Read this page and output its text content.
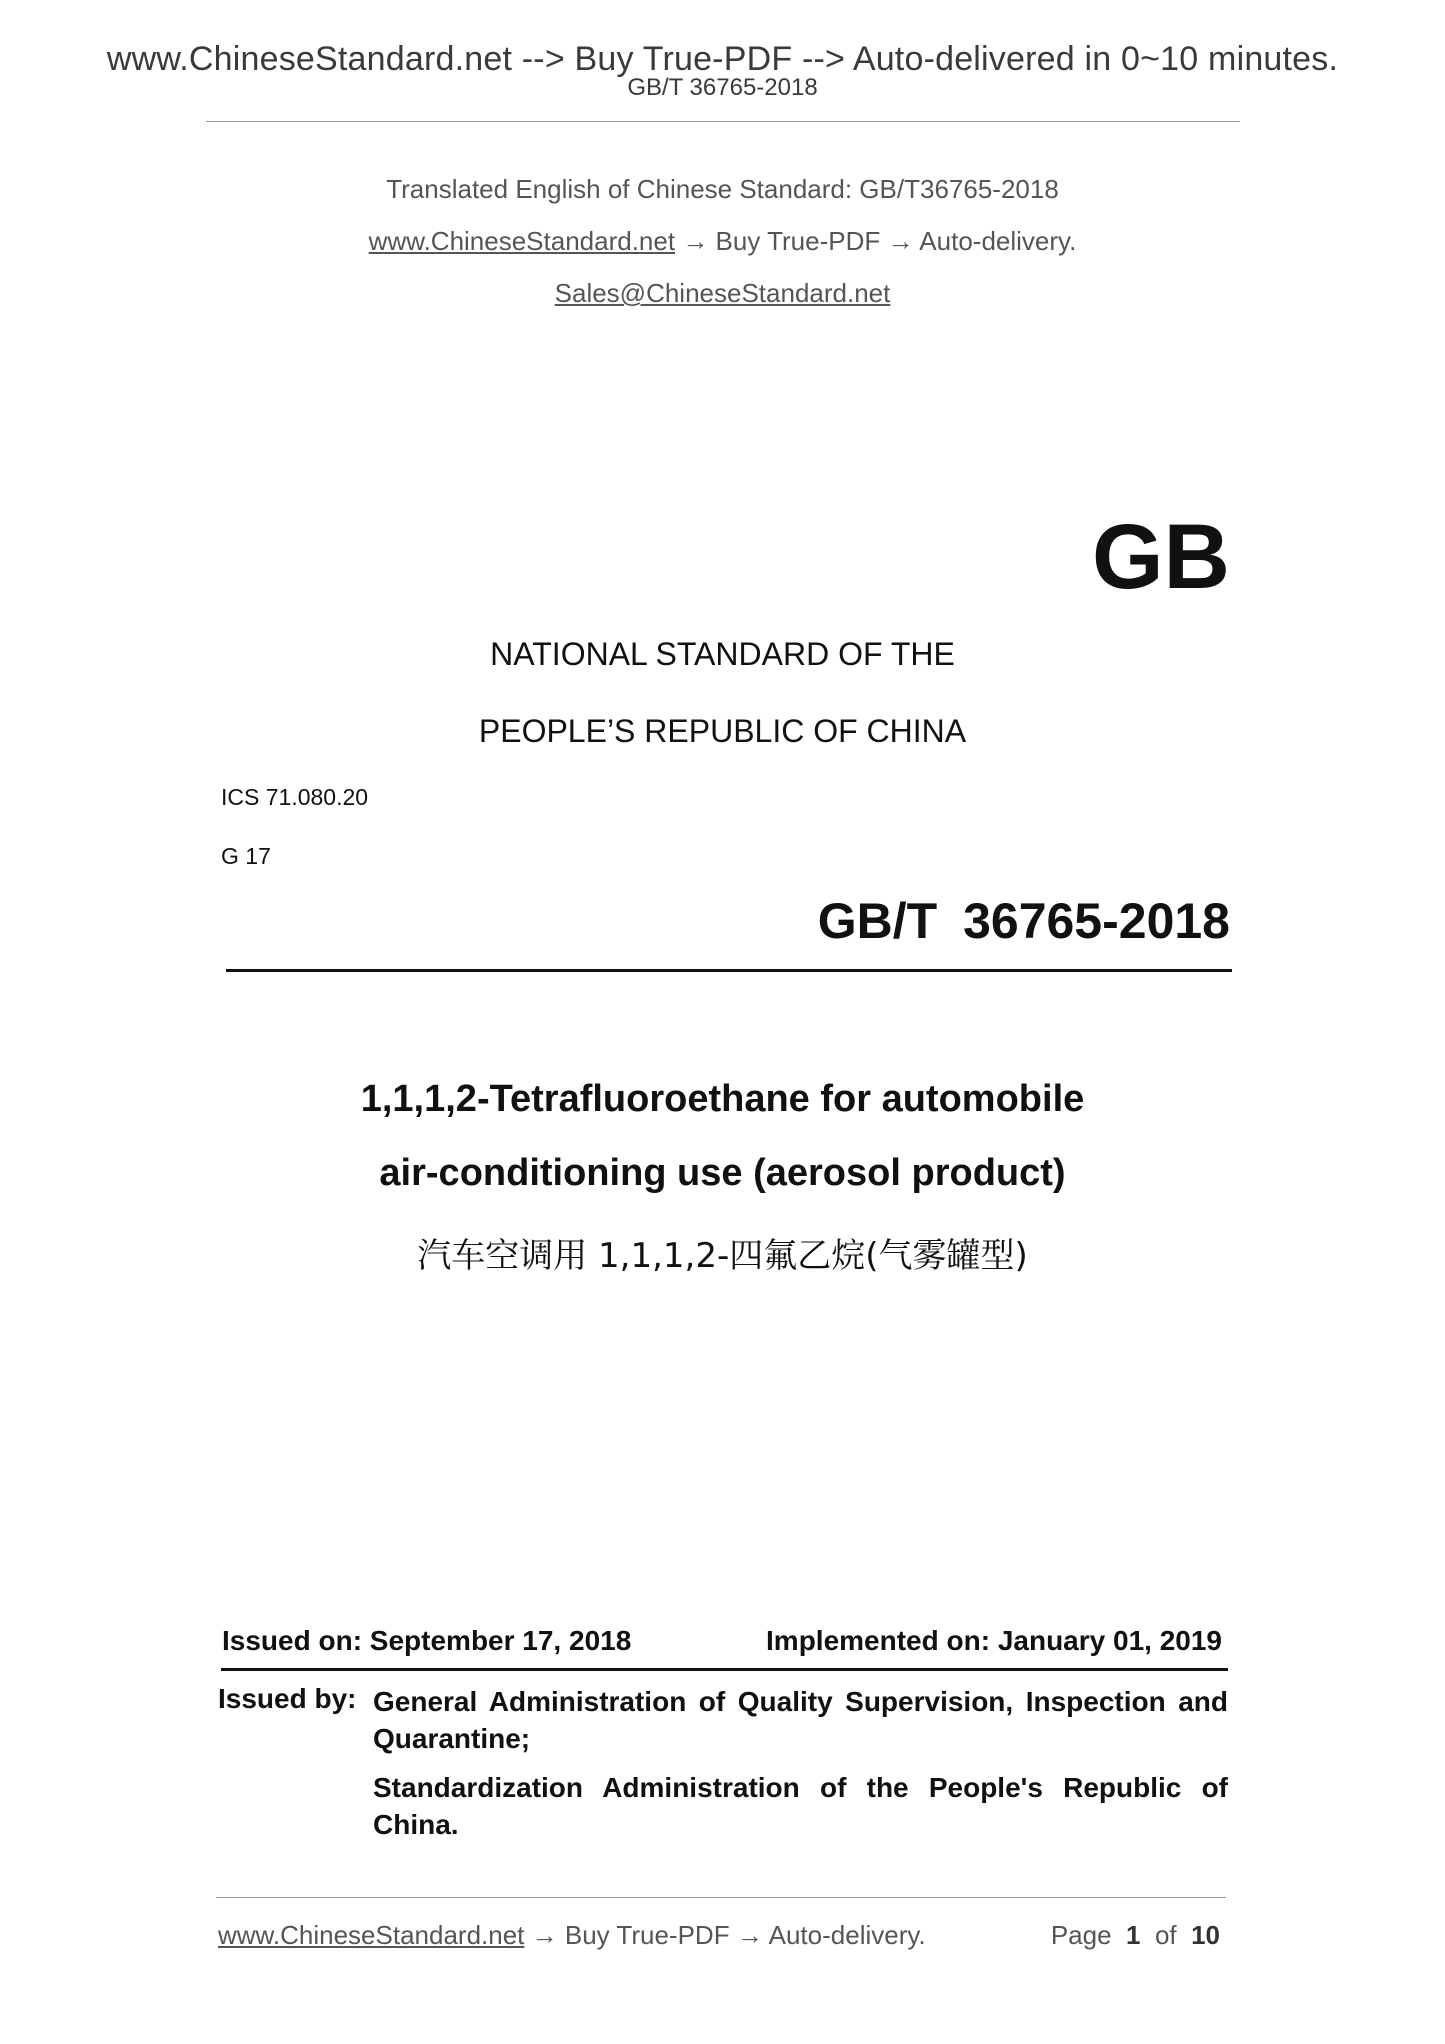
www.ChineseStandard.net --> Buy True-PDF --> Auto-delivered in 0~10 minutes.
GB/T 36765-2018
Translated English of Chinese Standard: GB/T36765-2018
www.ChineseStandard.net → Buy True-PDF → Auto-delivery.
Sales@ChineseStandard.net
GB
NATIONAL STANDARD OF THE
PEOPLE’S REPUBLIC OF CHINA
ICS 71.080.20
G 17
GB/T 36765-2018
1,1,1,2-Tetrafluoroethane for automobile
air-conditioning use (aerosol product)
汽车空调用 1,1,1,2-四氟乙烷(气雾罐型)
Issued on: September 17, 2018	Implemented on: January 01, 2019
Issued by: General Administration of Quality Supervision, Inspection and Quarantine;
Standardization Administration of the People's Republic of China.
www.ChineseStandard.net → Buy True-PDF → Auto-delivery.	Page 1 of 10
